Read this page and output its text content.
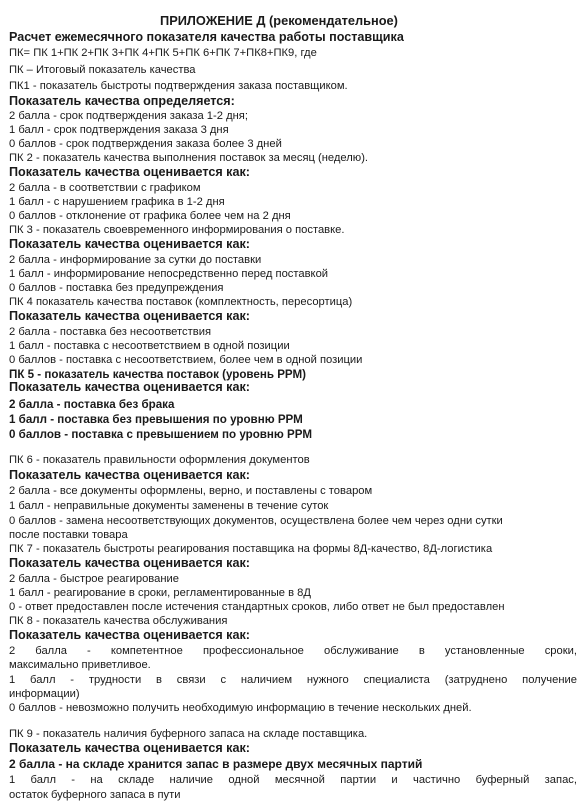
ПРИЛОЖЕНИЕ Д (рекомендательное)
Расчет ежемесячного показателя качества работы поставщика
ПК= ПК 1+ПК 2+ПК 3+ПК 4+ПК 5+ПК 6+ПК 7+ПК8+ПК9, где
ПК – Итоговый показатель качества
ПК1 - показатель быстроты подтверждения заказа поставщиком.
Показатель качества определяется:
2 балла - срок подтверждения заказа 1-2 дня;
1 балл - срок подтверждения заказа 3 дня
0 баллов - срок подтверждения заказа более 3 дней
ПК 2 - показатель качества выполнения поставок за месяц (неделю).
Показатель качества оценивается как:
2 балла - в соответствии с графиком
1 балл - с нарушением графика в 1-2 дня
0 баллов - отклонение от графика более чем на 2 дня
ПК 3 - показатель своевременного информирования о поставке.
Показатель качества оценивается как:
2 балла - информирование за сутки до поставки
1 балл - информирование непосредственно перед поставкой
0 баллов - поставка без предупреждения
ПК 4 показатель качества поставок (комплектность, пересортица)
Показатель качества оценивается как:
2 балла - поставка без несоответствия
1 балл - поставка с несоответствием в одной позиции
0 баллов - поставка с несоответствием, более чем в одной позиции
ПК 5 - показатель качества поставок (уровень РРМ)
Показатель качества оценивается как:
2 балла - поставка без брака
1 балл - поставка без превышения по уровню РРМ
0 баллов - поставка с превышением по уровню РРМ
ПК 6 - показатель правильности оформления документов
Показатель качества оценивается как:
2 балла - все документы оформлены, верно, и поставлены с товаром
1 балл - неправильные документы заменены в течение суток
0 баллов - замена несоответствующих документов, осуществлена более чем через одни сутки
после поставки товара
ПК 7 - показатель быстроты реагирования поставщика на формы 8Д-качество, 8Д-логистика
Показатель качества оценивается как:
2 балла - быстрое реагирование
1 балл - реагирование в сроки, регламентированные в 8Д
0 - ответ предоставлен после истечения стандартных сроков, либо ответ не был предоставлен
ПК 8 - показатель качества обслуживания
Показатель качества оценивается как:
2 балла - компетентное профессиональное обслуживание в установленные сроки,
максимально приветливое.
1 балл - трудности в связи с наличием нужного специалиста (затруднено получение
информации)
0 баллов - невозможно получить необходимую информацию в течение нескольких дней.
ПК 9 - показатель наличия буферного запаса на складе поставщика.
Показатель качества оценивается как:
2 балла - на складе хранится запас в размере двух месячных партий
1 балл - на складе наличие одной месячной партии и частично буферный запас,
остаток буферного запаса в пути
